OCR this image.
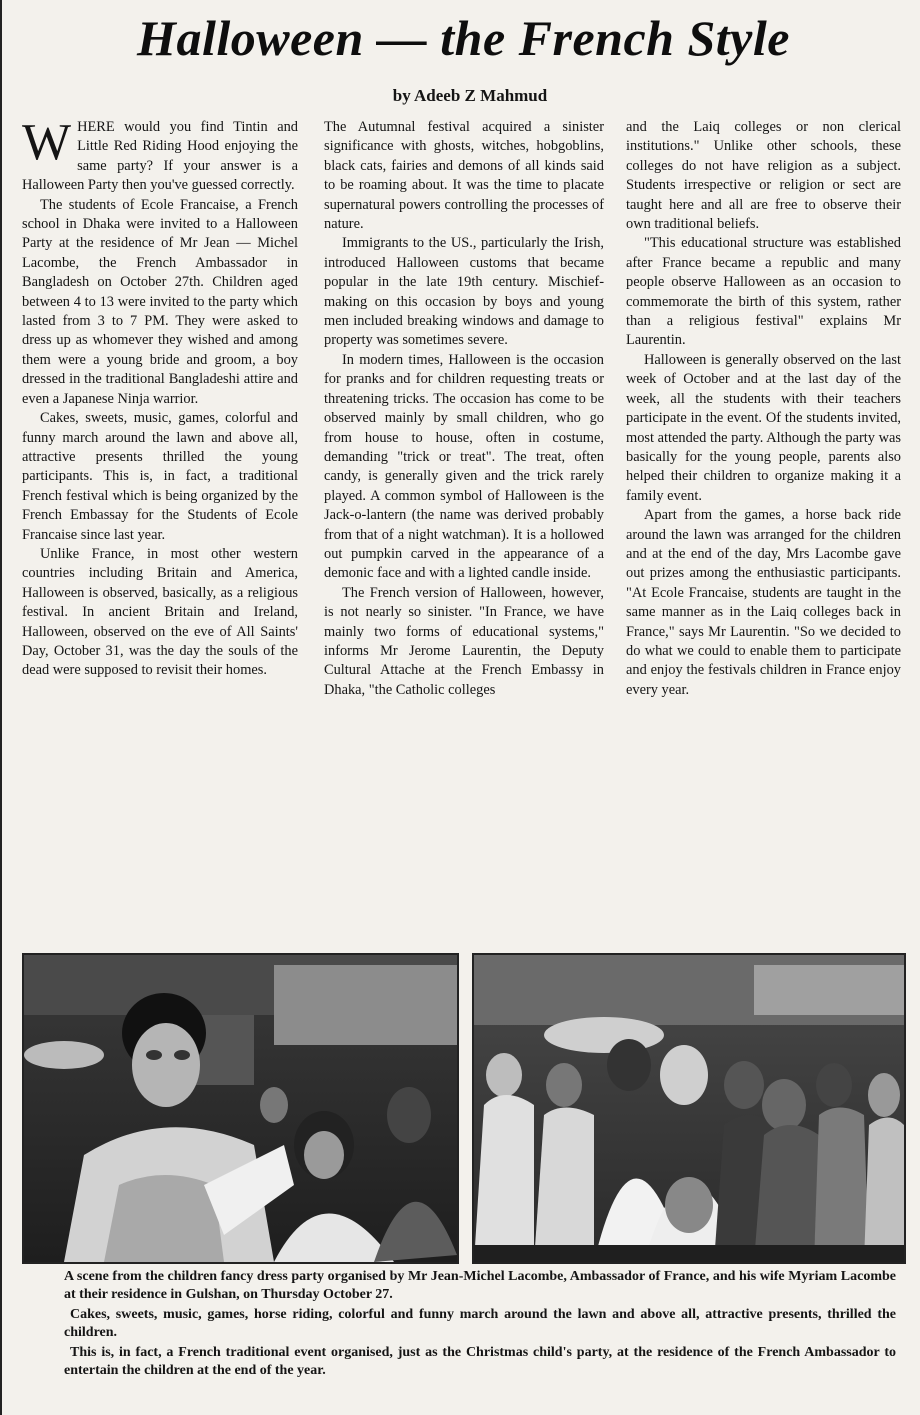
Halloween — the French Style
by Adeeb Z Mahmud

WHERE would you find Tintin and Little Red Riding Hood enjoying the same party? If your answer is a Halloween Party then you've guessed correctly.

The students of Ecole Francaise, a French school in Dhaka were invited to a Halloween Party at the residence of Mr Jean — Michel Lacombe, the French Ambassador in Bangladesh on October 27th. Children aged between 4 to 13 were invited to the party which lasted from 3 to 7 PM. They were asked to dress up as whomever they wished and among them were a young bride and groom, a boy dressed in the traditional Bangladeshi attire and even a Japanese Ninja warrior.

Cakes, sweets, music, games, colorful and funny march around the lawn and above all, attractive presents thrilled the young participants. This is, in fact, a traditional French festival which is being organized by the French Embassay for the Students of Ecole Francaise since last year.

Unlike France, in most other western countries including Britain and America, Halloween is observed, basically, as a religious festival. In ancient Britain and Ireland, Halloween, observed on the eve of All Saints' Day, October 31, was the day the souls of the dead were supposed to revisit their homes.

The Autumnal festival acquired a sinister significance with ghosts, witches, hobgoblins, black cats, fairies and demons of all kinds said to be roaming about. It was the time to placate supernatural powers controlling the processes of nature.

Immigrants to the US., particularly the Irish, introduced Halloween customs that became popular in the late 19th century. Mischief-making on this occasion by boys and young men included breaking windows and damage to property was sometimes severe.

In modern times, Halloween is the occasion for pranks and for children requesting treats or threatening tricks. The occasion has come to be observed mainly by small children, who go from house to house, often in costume, demanding "trick or treat". The treat, often candy, is generally given and the trick rarely played. A common symbol of Halloween is the Jack-o-lantern (the name was derived probably from that of a night watchman). It is a hollowed out pumpkin carved in the appearance of a demonic face and with a lighted candle inside.

The French version of Halloween, however, is not nearly so sinister. "In France, we have mainly two forms of educational systems," informs Mr Jerome Laurentin, the Deputy Cultural Attache at the French Embassy in Dhaka, "the Catholic colleges

and the Laiq colleges or non clerical institutions." Unlike other schools, these colleges do not have religion as a subject. Students irrespective or religion or sect are taught here and all are free to observe their own traditional beliefs.

"This educational structure was established after France became a republic and many people observe Halloween as an occasion to commemorate the birth of this system, rather than a religious festival" explains Mr Laurentin.

Halloween is generally observed on the last week of October and at the last day of the week, all the students with their teachers participate in the event. Of the students invited, most attended the party. Although the party was basically for the young people, parents also helped their children to organize making it a family event.

Apart from the games, a horse back ride around the lawn was arranged for the children and at the end of the day, Mrs Lacombe gave out prizes among the enthusiastic participants. "At Ecole Francaise, students are taught in the same manner as in the Laiq colleges back in France," says Mr Laurentin. "So we decided to do what we could to enable them to participate and enjoy the festivals children in France enjoy every year.

A scene from the children fancy dress party organised by Mr Jean-Michel Lacombe, Ambassador of France, and his wife Myriam Lacombe at their residence in Gulshan, on Thursday October 27.

Cakes, sweets, music, games, horse riding, colorful and funny march around the lawn and above all, attractive presents, thrilled the children.

This is, in fact, a French traditional event organised, just as the Christmas child's party, at the residence of the French Ambassador to entertain the children at the end of the year.
